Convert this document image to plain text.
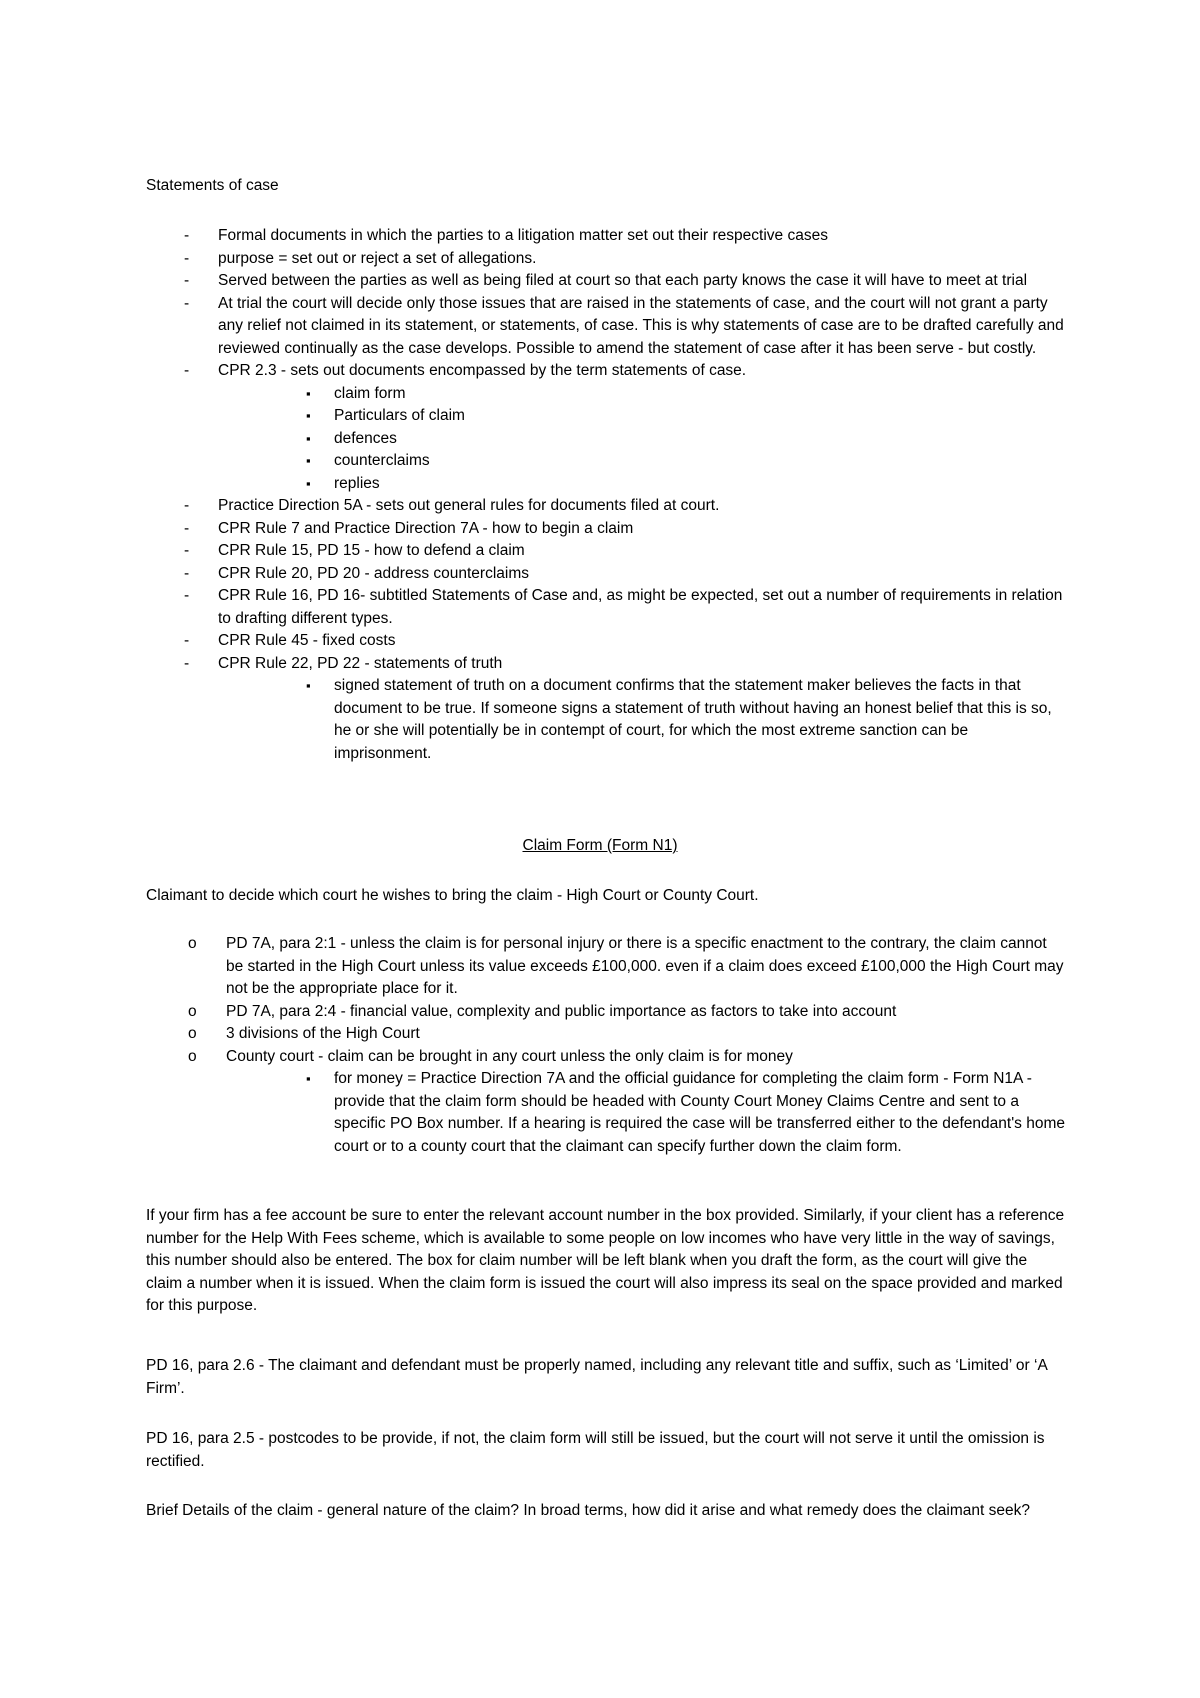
Statements of case
- Formal documents in which the parties to a litigation matter set out their respective cases
- purpose = set out or reject a set of allegations.
- Served between the parties as well as being filed at court so that each party knows the case it will have to meet at trial
- At trial the court will decide only those issues that are raised in the statements of case, and the court will not grant a party any relief not claimed in its statement, or statements, of case. This is why statements of case are to be drafted carefully and reviewed continually as the case develops. Possible to amend the statement of case after it has been serve - but costly.
- CPR 2.3 - sets out documents encompassed by the term statements of case.
▪ claim form
▪ Particulars of claim
▪ defences
▪ counterclaims
▪ replies
- Practice Direction 5A - sets out general rules for documents filed at court.
- CPR Rule 7 and Practice Direction 7A - how to begin a claim
- CPR Rule 15, PD 15 - how to defend a claim
- CPR Rule 20, PD 20 - address counterclaims
- CPR Rule 16, PD 16- subtitled Statements of Case and, as might be expected, set out a number of requirements in relation to drafting different types.
- CPR Rule 45 - fixed costs
- CPR Rule 22, PD 22 - statements of truth
▪ signed statement of truth on a document confirms that the statement maker believes the facts in that document to be true. If someone signs a statement of truth without having an honest belief that this is so, he or she will potentially be in contempt of court, for which the most extreme sanction can be imprisonment.
Claim Form (Form N1)

Claimant to decide which court he wishes to bring the claim - High Court or County Court.

o PD 7A, para 2:1 - unless the claim is for personal injury or there is a specific enactment to the contrary, the claim cannot be started in the High Court unless its value exceeds £100,000. even if a claim does exceed £100,000 the High Court may not be the appropriate place for it.
o PD 7A, para 2:4 - financial value, complexity and public importance as factors to take into account
o 3 divisions of the High Court
o County court - claim can be brought in any court unless the only claim is for money
▪ for money = Practice Direction 7A and the official guidance for completing the claim form - Form N1A - provide that the claim form should be headed with County Court Money Claims Centre and sent to a specific PO Box number. If a hearing is required the case will be transferred either to the defendant's home court or to a county court that the claimant can specify further down the claim form.

If your firm has a fee account be sure to enter the relevant account number in the box provided. Similarly, if your client has a reference number for the Help With Fees scheme, which is available to some people on low incomes who have very little in the way of savings, this number should also be entered. The box for claim number will be left blank when you draft the form, as the court will give the claim a number when it is issued. When the claim form is issued the court will also impress its seal on the space provided and marked for this purpose.

PD 16, para 2.6 - The claimant and defendant must be properly named, including any relevant title and suffix, such as ‘Limited’ or ‘A Firm’.

PD 16, para 2.5 - postcodes to be provide, if not, the claim form will still be issued, but the court will not serve it until the omission is rectified.

Brief Details of the claim - general nature of the claim? In broad terms, how did it arise and what remedy does the claimant seek?
